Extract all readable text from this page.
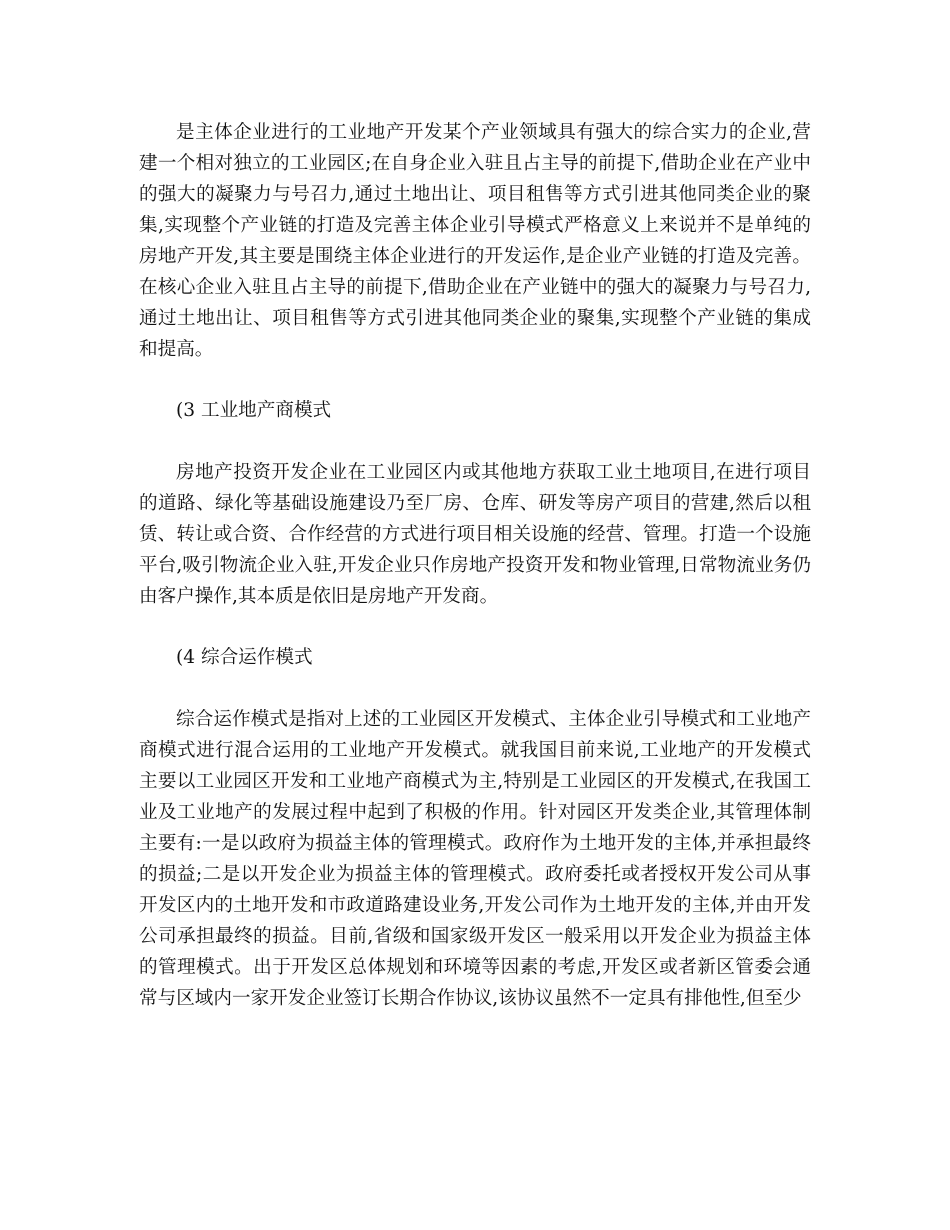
是主体企业进行的工业地产开发某个产业领域具有强大的综合实力的企业,营建一个相对独立的工业园区;在自身企业入驻且占主导的前提下,借助企业在产业中的强大的凝聚力与号召力,通过土地出让、项目租售等方式引进其他同类企业的聚集,实现整个产业链的打造及完善主体企业引导模式严格意义上来说并不是单纯的房地产开发,其主要是围绕主体企业进行的开发运作,是企业产业链的打造及完善。在核心企业入驻且占主导的前提下,借助企业在产业链中的强大的凝聚力与号召力,通过土地出让、项目租售等方式引进其他同类企业的聚集,实现整个产业链的集成和提高。

(3 工业地产商模式

房地产投资开发企业在工业园区内或其他地方获取工业土地项目,在进行项目的道路、绿化等基础设施建设乃至厂房、仓库、研发等房产项目的营建,然后以租赁、转让或合资、合作经营的方式进行项目相关设施的经营、管理。打造一个设施平台,吸引物流企业入驻,开发企业只作房地产投资开发和物业管理,日常物流业务仍由客户操作,其本质是依旧是房地产开发商。

(4 综合运作模式

综合运作模式是指对上述的工业园区开发模式、主体企业引导模式和工业地产商模式进行混合运用的工业地产开发模式。就我国目前来说,工业地产的开发模式主要以工业园区开发和工业地产商模式为主,特别是工业园区的开发模式,在我国工业及工业地产的发展过程中起到了积极的作用。针对园区开发类企业,其管理体制主要有:一是以政府为损益主体的管理模式。政府作为土地开发的主体,并承担最终的损益;二是以开发企业为损益主体的管理模式。政府委托或者授权开发公司从事开发区内的土地开发和市政道路建设业务,开发公司作为土地开发的主体,并由开发公司承担最终的损益。目前,省级和国家级开发区一般采用以开发企业为损益主体的管理模式。出于开发区总体规划和环境等因素的考虑,开发区或者新区管委会通常与区域内一家开发企业签订长期合作协议,该协议虽然不一定具有排他性,但至少
